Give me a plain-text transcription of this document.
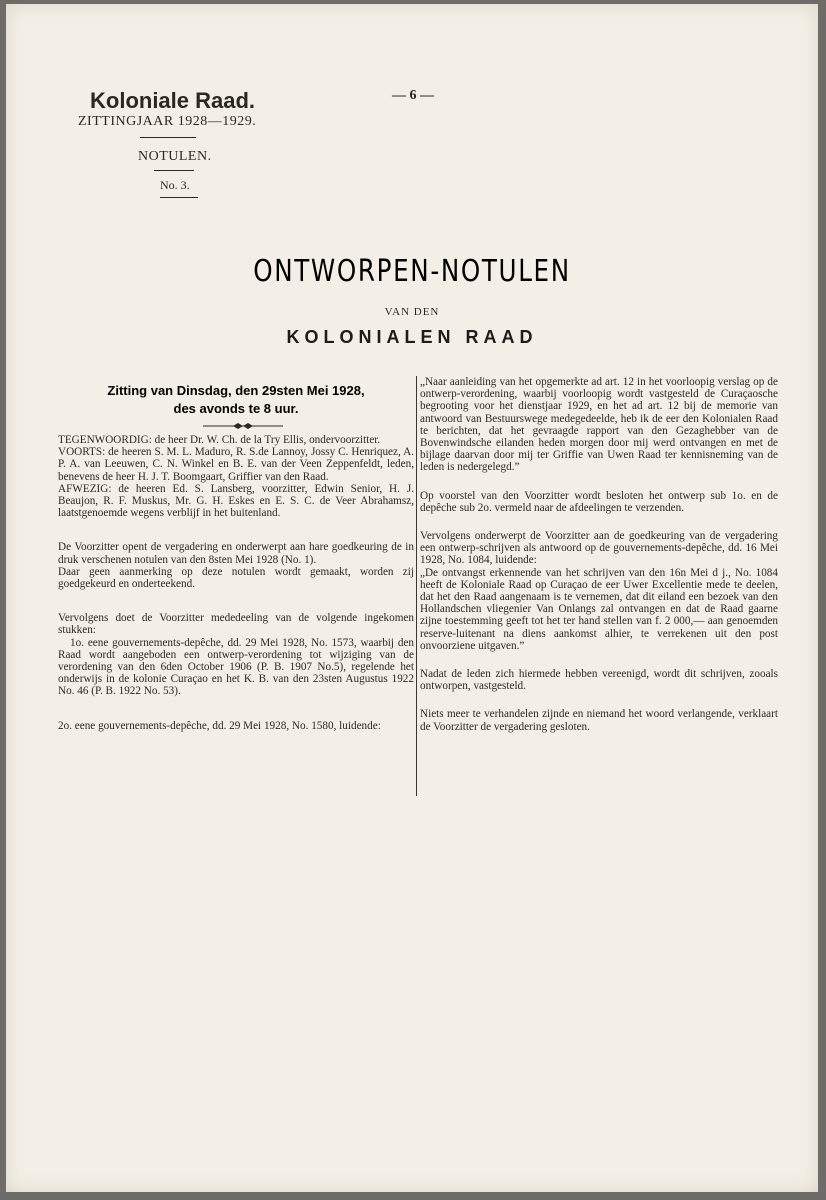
Koloniale Raad.
ZITTINGJAAR 1928—1929.
NOTULEN.
No. 3.
— 6 —
ONTWORPEN-NOTULEN
VAN DEN
KOLONIALEN RAAD
Zitting van Dinsdag, den 29sten Mei 1928,
des avonds te 8 uur.

TEGENWOORDIG: de heer Dr. W. Ch. de la Try Ellis, ondervoorzitter.

VOORTS: de heeren S. M. L. Maduro, R. S.de Lannoy, Jossy C. Henriquez, A. P. A. van Leeuwen, C. N. Winkel en B. E. van der Veen Zeppenfeldt, leden, benevens de heer H. J. T. Boomgaart, Griffier van den Raad.

AFWEZIG: de heeren Ed. S. Lansberg, voorzitter, Edwin Senior, H. J. Beaujon, R. F. Muskus, Mr. G. H. Eskes en E. S. C. de Veer Abrahamsz, laatstgenoemde wegens verblijf in het buitenland.

De Voorzitter opent de vergadering en onderwerpt aan hare goedkeuring de in druk verschenen notulen van den 8sten Mei 1928 (No. 1).

Daar geen aanmerking op deze notulen wordt gemaakt, worden zij goedgekeurd en onderteekend.

Vervolgens doet de Voorzitter mededeeling van de volgende ingekomen stukken:

1o. eene gouvernements-depêche, dd. 29 Mei 1928, No. 1573, waarbij den Raad wordt aangeboden een ontwerp-verordening tot wijziging van de verordening van den 6den October 1906 (P. B. 1907 No.5), regelende het onderwijs in de kolonie Curaçao en het K. B. van den 23sten Augustus 1922 No. 46 (P. B. 1922 No. 53).

2o. eene gouvernements-depêche, dd. 29 Mei 1928, No. 1580, luidende:

„Naar aanleiding van het opgemerkte ad art. 12 in het voorloopig verslag op de ontwerp-verordening, waarbij voorloopig wordt vastgesteld de Curaçaosche begrooting voor het dienstjaar 1929, en het ad art. 12 bij de memorie van antwoord van Bestuurswege medegedeelde, heb ik de eer den Kolonialen Raad te berichten, dat het gevraagde rapport van den Gezaghebber van de Bovenwindsche eilanden heden morgen door mij werd ontvangen en met de bijlage daarvan door mij ter Griffie van Uwen Raad ter kennisneming van de leden is nedergelegd.”

Op voorstel van den Voorzitter wordt besloten het ontwerp sub 1o. en de depêche sub 2o. vermeld naar de afdeelingen te verzenden.

Vervolgens onderwerpt de Voorzitter aan de goedkeuring van de vergadering een ontwerp-schrijven als antwoord op de gouvernements-depêche, dd. 16 Mei 1928, No. 1084, luidende:

„De ontvangst erkennende van het schrijven van den 16n Mei d j., No. 1084 heeft de Koloniale Raad op Curaçao de eer Uwer Excellentie mede te deelen, dat het den Raad aangenaam is te vernemen, dat dit eiland een bezoek van den Hollandschen vliegenier Van Onlangs zal ontvangen en dat de Raad gaarne zijne toestemming geeft tot het ter hand stellen van f. 2 000,— aan genoemden reserve-luitenant na diens aankomst alhier, te verrekenen uit den post onvoorziene uitgaven.”

Nadat de leden zich hiermede hebben vereenigd, wordt dit schrijven, zooals ontworpen, vastgesteld.

Niets meer te verhandelen zijnde en niemand het woord verlangende, verklaart de Voorzitter de vergadering gesloten.
